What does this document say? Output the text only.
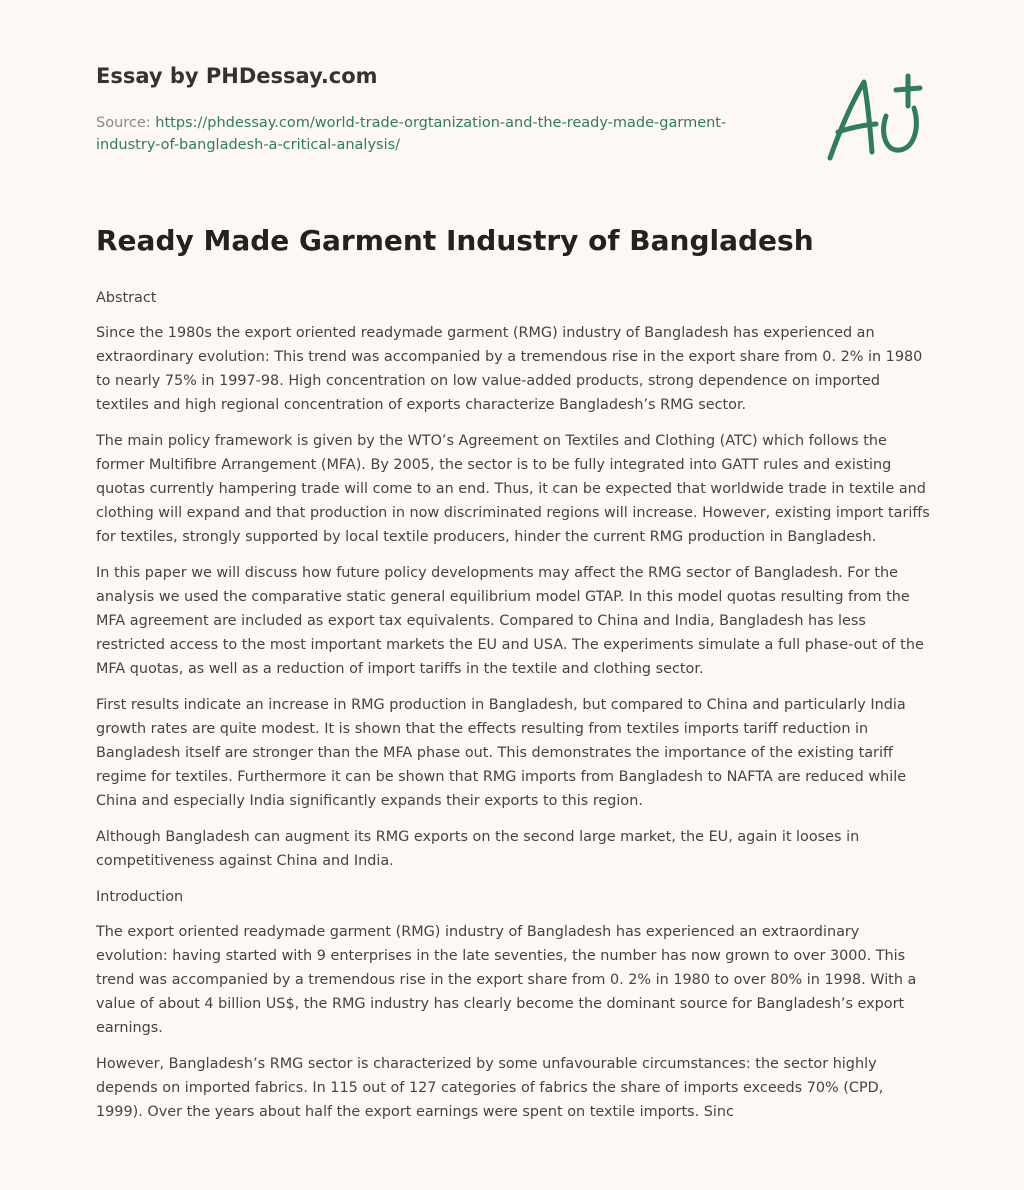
Essay by PHDessay.com
Source: https://phdessay.com/world-trade-orgtanization-and-the-ready-made-garment-industry-of-bangladesh-a-critical-analysis/
Ready Made Garment Industry of Bangladesh

Abstract

Since the 1980s the export oriented readymade garment (RMG) industry of Bangladesh has experienced an extraordinary evolution: This trend was accompanied by a tremendous rise in the export share from 0. 2% in 1980 to nearly 75% in 1997-98. High concentration on low value-added products, strong dependence on imported textiles and high regional concentration of exports characterize Bangladesh’s RMG sector.

The main policy framework is given by the WTO’s Agreement on Textiles and Clothing (ATC) which follows the former Multifibre Arrangement (MFA). By 2005, the sector is to be fully integrated into GATT rules and existing quotas currently hampering trade will come to an end. Thus, it can be expected that worldwide trade in textile and clothing will expand and that production in now discriminated regions will increase. However, existing import tariffs for textiles, strongly supported by local textile producers, hinder the current RMG production in Bangladesh.

In this paper we will discuss how future policy developments may affect the RMG sector of Bangladesh. For the analysis we used the comparative static general equilibrium model GTAP. In this model quotas resulting from the MFA agreement are included as export tax equivalents. Compared to China and India, Bangladesh has less restricted access to the most important markets the EU and USA. The experiments simulate a full phase-out of the MFA quotas, as well as a reduction of import tariffs in the textile and clothing sector.

First results indicate an increase in RMG production in Bangladesh, but compared to China and particularly India growth rates are quite modest. It is shown that the effects resulting from textiles imports tariff reduction in Bangladesh itself are stronger than the MFA phase out. This demonstrates the importance of the existing tariff regime for textiles. Furthermore it can be shown that RMG imports from Bangladesh to NAFTA are reduced while China and especially India significantly expands their exports to this region.

Although Bangladesh can augment its RMG exports on the second large market, the EU, again it looses in competitiveness against China and India.

Introduction

The export oriented readymade garment (RMG) industry of Bangladesh has experienced an extraordinary evolution: having started with 9 enterprises in the late seventies, the number has now grown to over 3000. This trend was accompanied by a tremendous rise in the export share from 0. 2% in 1980 to over 80% in 1998. With a value of about 4 billion US$, the RMG industry has clearly become the dominant source for Bangladesh’s export earnings.

However, Bangladesh’s RMG sector is characterized by some unfavourable circumstances: the sector highly depends on imported fabrics. In 115 out of 127 categories of fabrics the share of imports exceeds 70% (CPD, 1999). Over the years about half the export earnings were spent on textile imports. Sinc
